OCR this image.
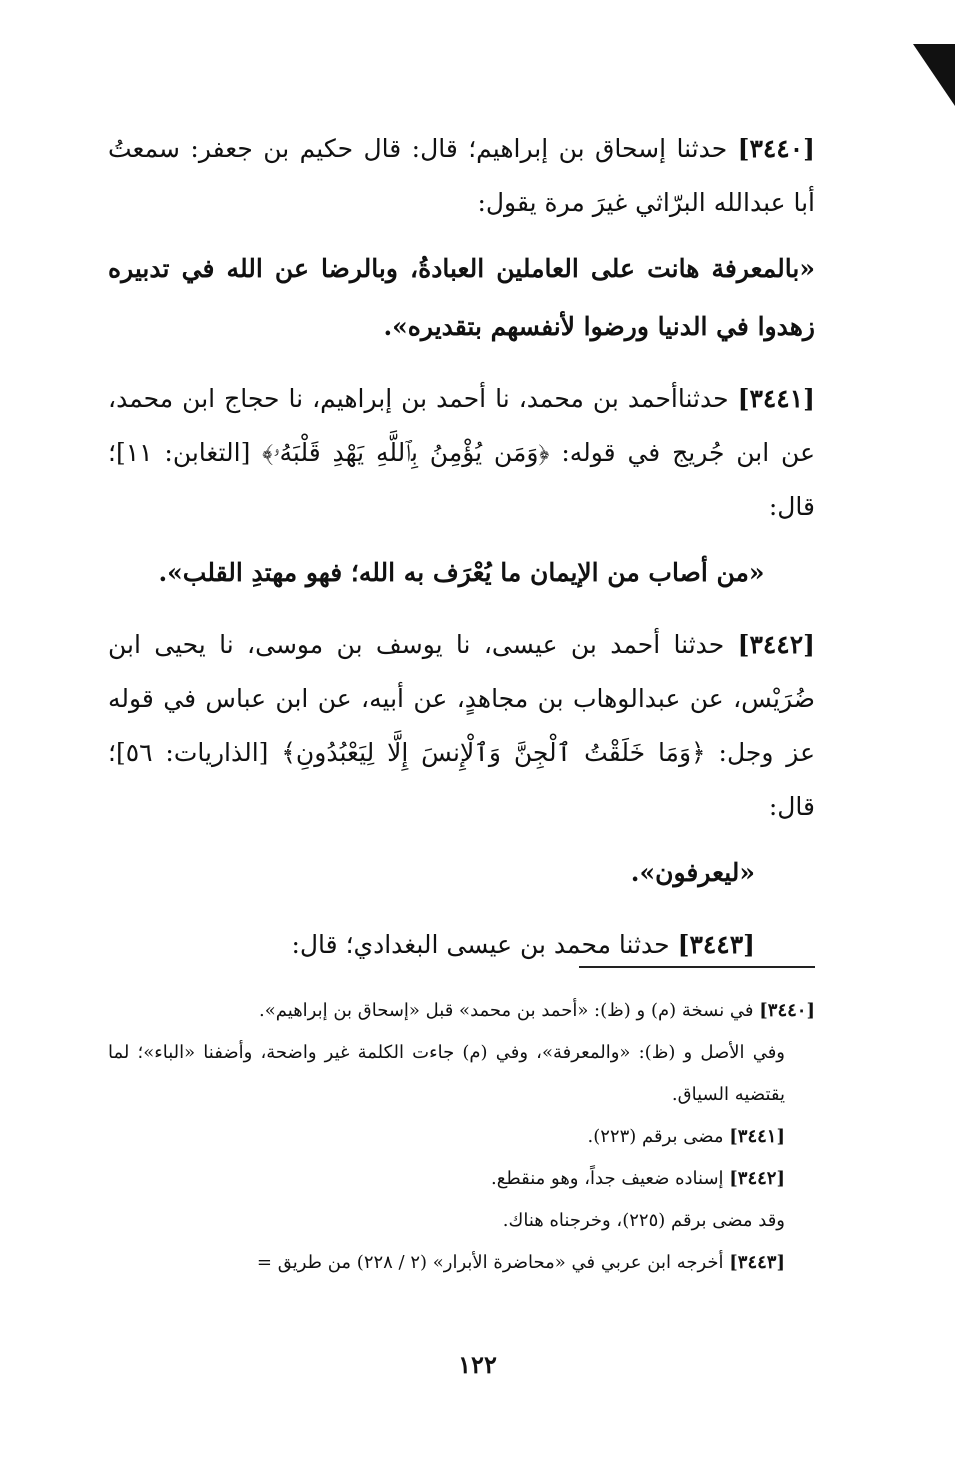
[٣٤٤٠] حدثنا إسحاق بن إبراهيم؛ قال: قال حكيم بن جعفر: سمعتُ أبا عبدالله البرّاثي غيرَ مرة يقول:

«بالمعرفة هانت على العاملين العبادةُ، وبالرضا عن الله في تدبيره زهدوا في الدنيا ورضوا لأنفسهم بتقديره».

[٣٤٤١] حدثناأحمد بن محمد، نا أحمد بن إبراهيم، نا حجاج ابن محمد، عن ابن جُريج في قوله: ﴿وَمَن يُؤْمِنُ بِٱللَّهِ يَهْدِ قَلْبَهُۥ﴾ [التغابن: ١١]؛ قال:

«من أصاب من الإيمان ما يُعْرَف به الله؛ فهو مهتدِ القلب».

[٣٤٤٢] حدثنا أحمد بن عيسى، نا يوسف بن موسى، نا يحيى ابن ضُرَيْس، عن عبدالوهاب بن مجاهدٍ، عن أبيه، عن ابن عباس في قوله عز وجل: ﴿وَمَا خَلَقْتُ ٱلْجِنَّ وَٱلْإِنسَ إِلَّا لِيَعْبُدُونِ﴾ [الذاريات: ٥٦]؛ قال:

«ليعرفون».

[٣٤٤٣] حدثنا محمد بن عيسى البغدادي؛ قال:

[٣٤٤٠] في نسخة (م) و (ظ): «أحمد بن محمد» قبل «إسحاق بن إبراهيم».

وفي الأصل و (ظ): «والمعرفة»، وفي (م) جاءت الكلمة غير واضحة، وأضفنا «الباء»؛ لما يقتضيه السياق.

[٣٤٤١] مضى برقم (٢٢٣).

[٣٤٤٢] إسناده ضعيف جداً، وهو منقطع.

وقد مضى برقم (٢٢٥)، وخرجناه هناك.

[٣٤٤٣] أخرجه ابن عربي في «محاضرة الأبرار» (٢ / ٢٢٨) من طريق =

١٢٢
